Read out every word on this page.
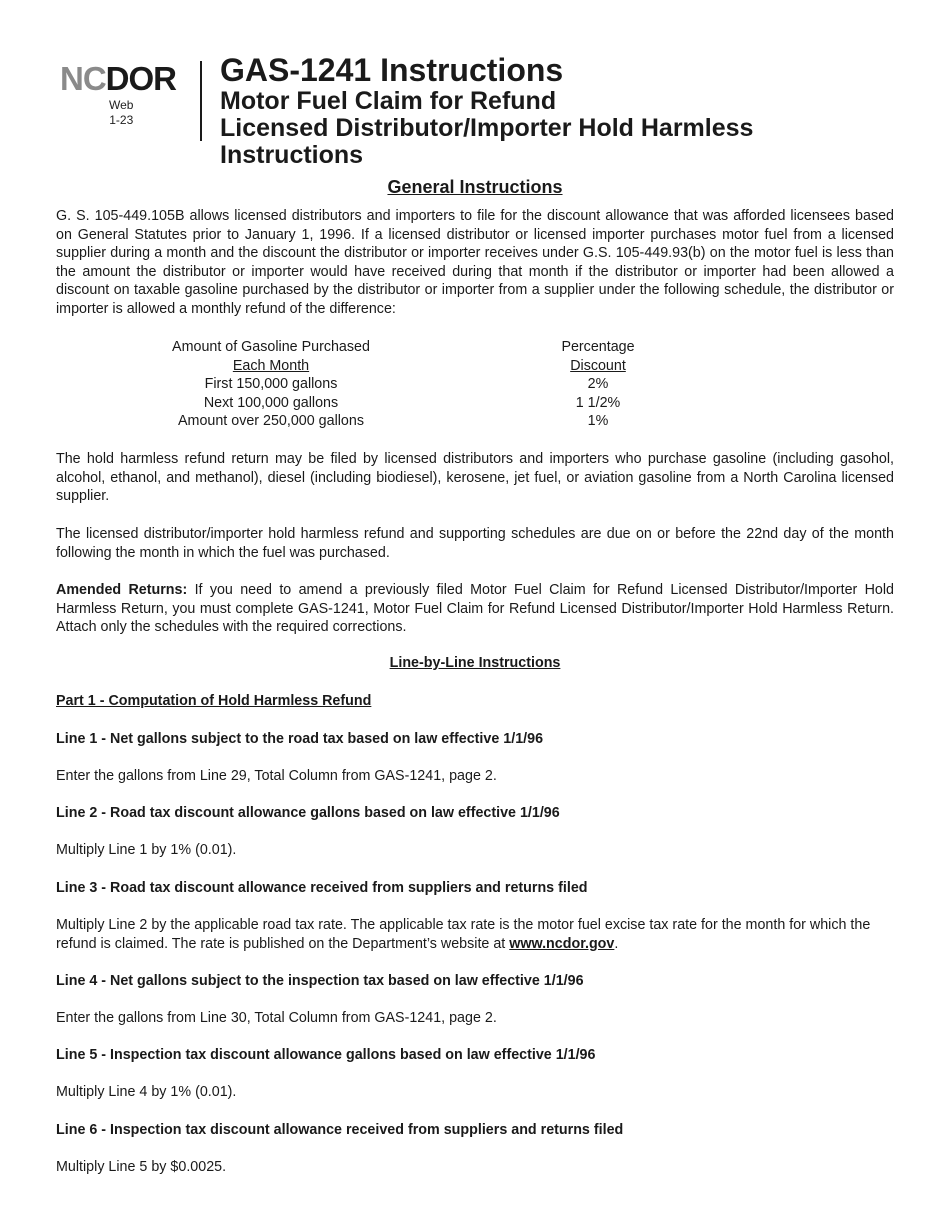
NCDOR
Web
1-23
GAS-1241 Instructions
Motor Fuel Claim for Refund
Licensed Distributor/Importer Hold Harmless
Instructions
General Instructions

G. S. 105-449.105B allows licensed distributors and importers to file for the discount allowance that was afforded licensees based on General Statutes prior to January 1, 1996. If a licensed distributor or licensed importer purchases motor fuel from a licensed supplier during a month and the discount the distributor or importer receives under G.S. 105-449.93(b) on the motor fuel is less than the amount the distributor or importer would have received during that month if the distributor or importer had been allowed a discount on taxable gasoline purchased by the distributor or importer from a supplier under the following schedule, the distributor or importer is allowed a monthly refund of the difference:

Amount of Gasoline Purchased
Each Month
First 150,000 gallons
Next 100,000 gallons
Amount over 250,000 gallons
Percentage
Discount
2%
1 1/2%
1%

The hold harmless refund return may be filed by licensed distributors and importers who purchase gasoline (including gasohol, alcohol, ethanol, and methanol), diesel (including biodiesel), kerosene, jet fuel, or aviation gasoline from a North Carolina licensed supplier.

The licensed distributor/importer hold harmless refund and supporting schedules are due on or before the 22nd day of the month following the month in which the fuel was purchased.

Amended Returns: If you need to amend a previously filed Motor Fuel Claim for Refund Licensed Distributor/Importer Hold Harmless Return, you must complete GAS-1241, Motor Fuel Claim for Refund Licensed Distributor/Importer Hold Harmless Return. Attach only the schedules with the required corrections.

Line-by-Line Instructions

Part 1 - Computation of Hold Harmless Refund

Line 1 - Net gallons subject to the road tax based on law effective 1/1/96

Enter the gallons from Line 29, Total Column from GAS-1241, page 2.

Line 2 - Road tax discount allowance gallons based on law effective 1/1/96

Multiply Line 1 by 1% (0.01).

Line 3 - Road tax discount allowance received from suppliers and returns filed

Multiply Line 2 by the applicable road tax rate. The applicable tax rate is the motor fuel excise tax rate for the month for which the refund is claimed. The rate is published on the Department’s website at www.ncdor.gov.

Line 4 - Net gallons subject to the inspection tax based on law effective 1/1/96

Enter the gallons from Line 30, Total Column from GAS-1241, page 2.

Line 5 - Inspection tax discount allowance gallons based on law effective 1/1/96

Multiply Line 4 by 1% (0.01).

Line 6 - Inspection tax discount allowance received from suppliers and returns filed

Multiply Line 5 by $0.0025.
